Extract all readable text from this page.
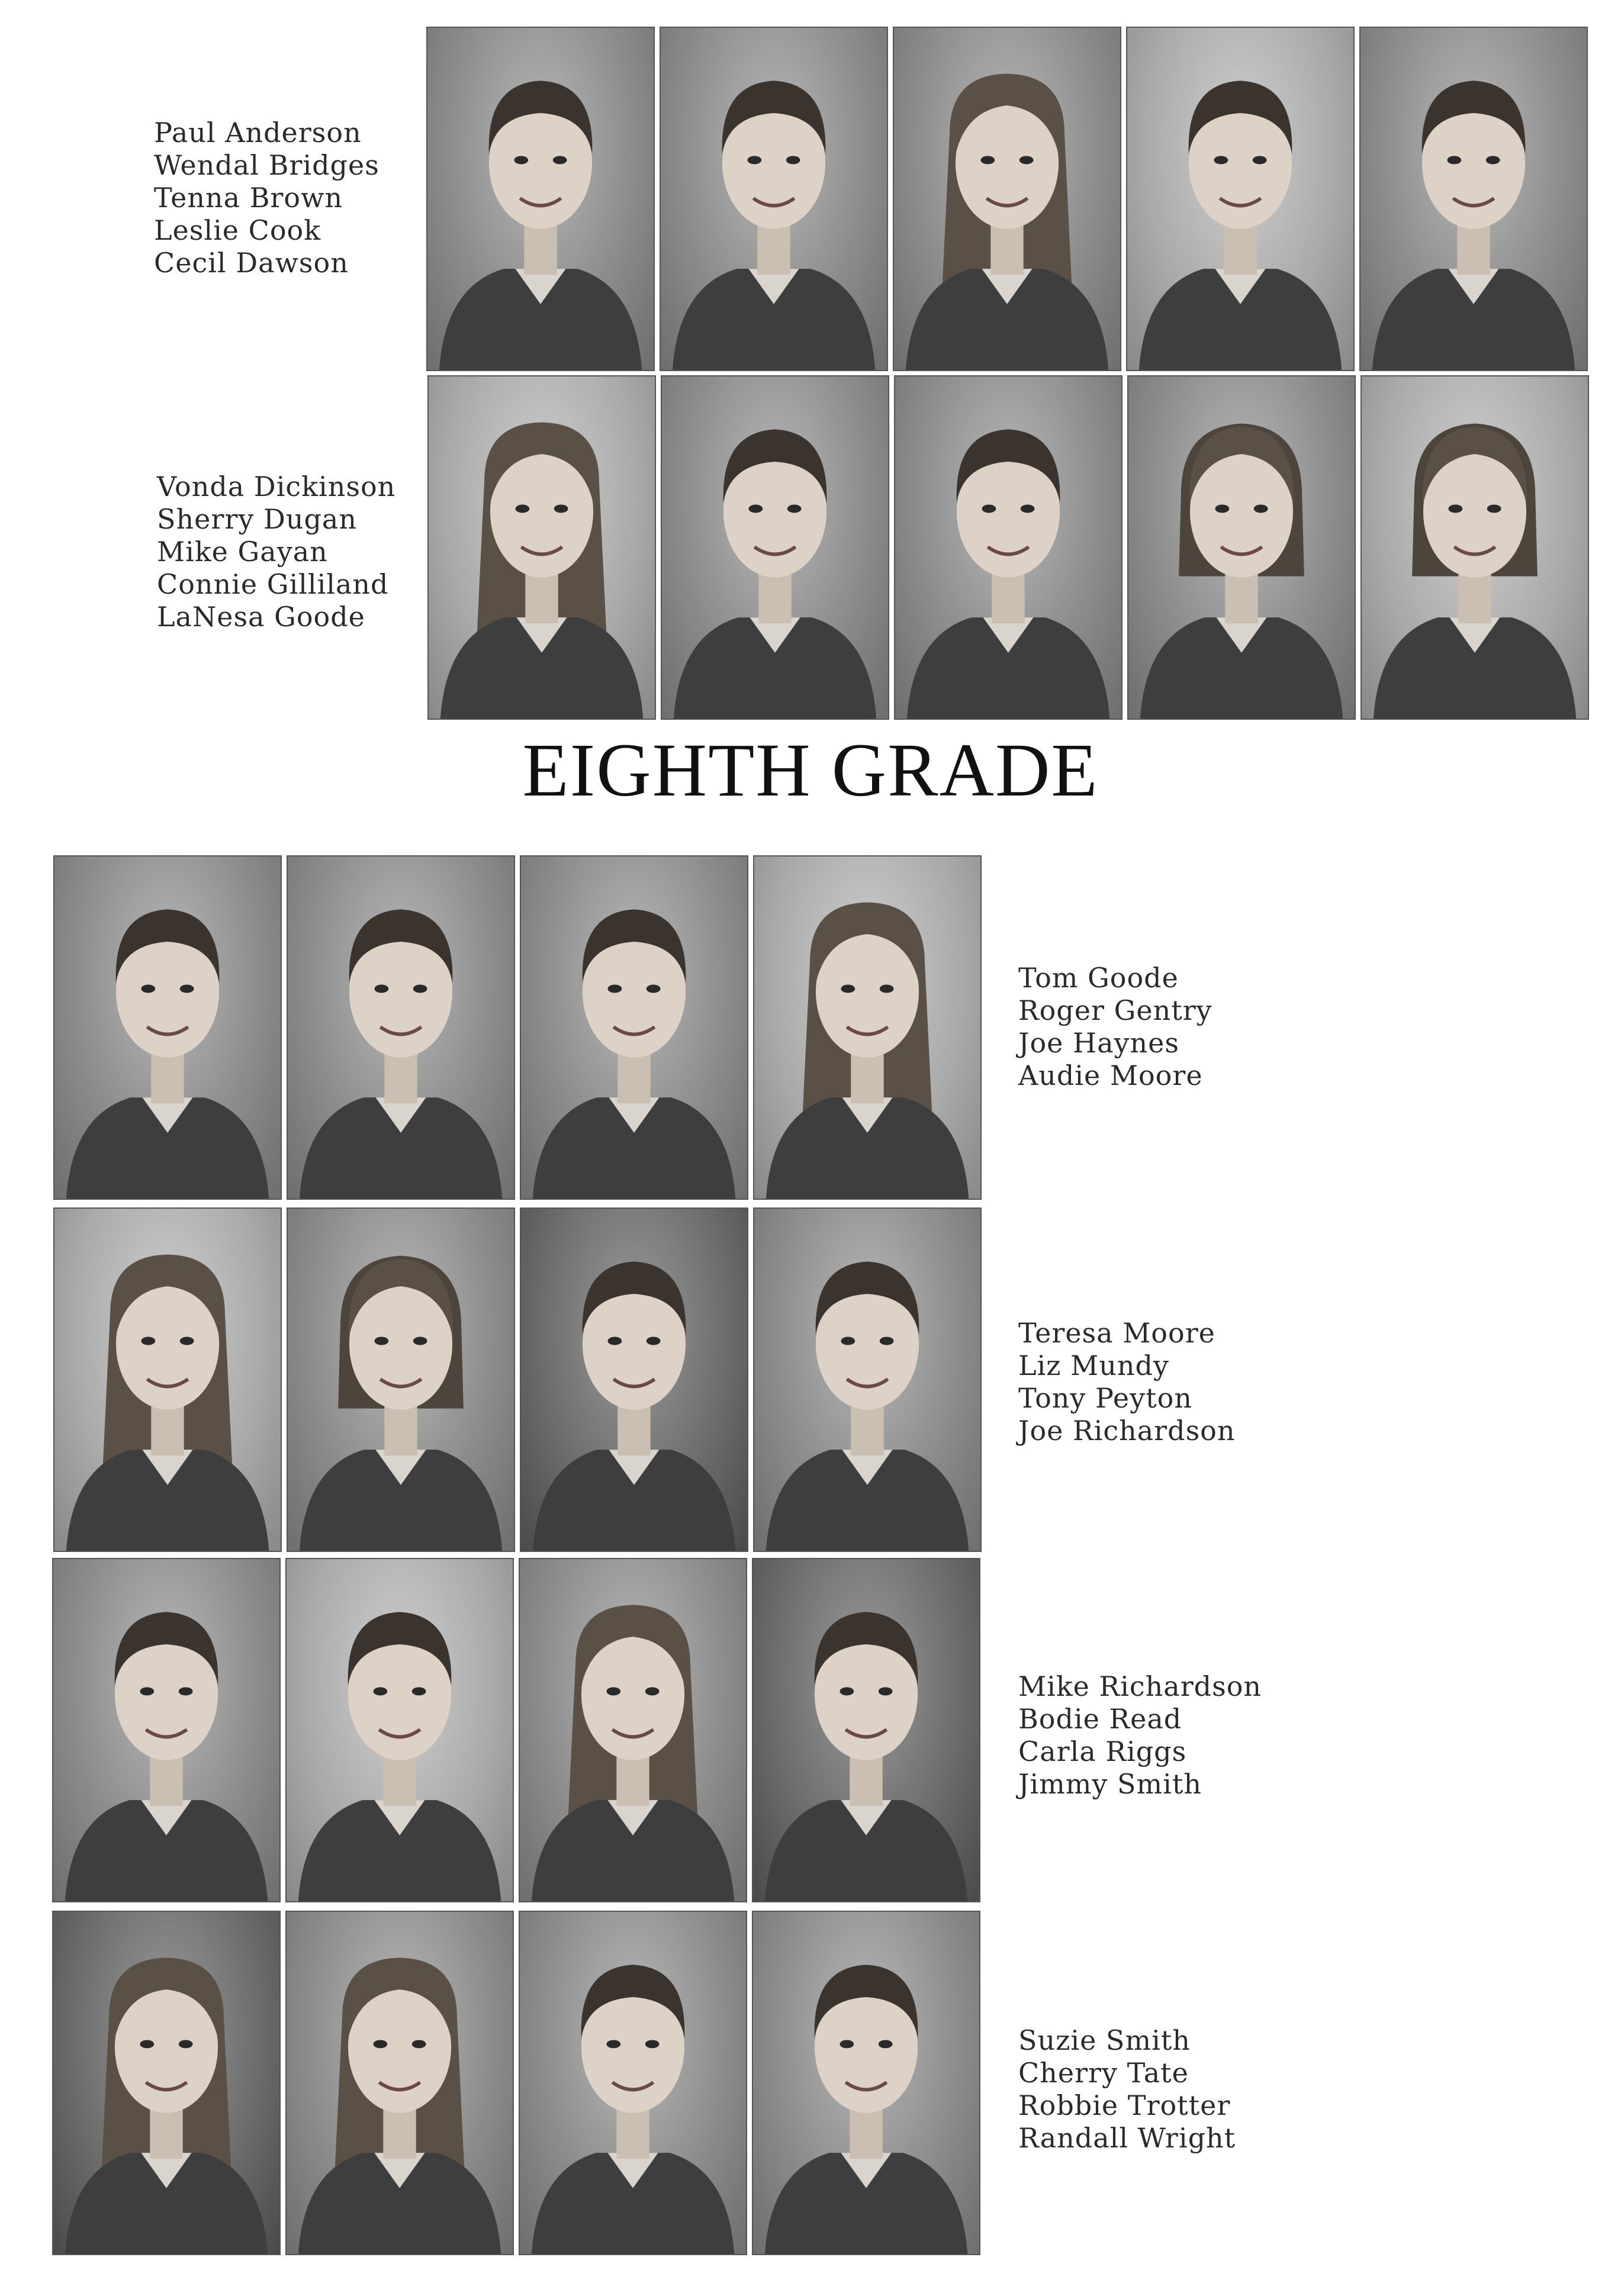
Paul Anderson
Wendal Bridges
Tenna Brown
Leslie Cook
Cecil Dawson
Vonda Dickinson
Sherry Dugan
Mike Gayan
Connie Gilliland
LaNesa Goode
EIGHTH GRADE
Tom Goode
Roger Gentry
Joe Haynes
Audie Moore
Teresa Moore
Liz Mundy
Tony Peyton
Joe Richardson
Mike Richardson
Bodie Read
Carla Riggs
Jimmy Smith
Suzie Smith
Cherry Tate
Robbie Trotter
Randall Wright
